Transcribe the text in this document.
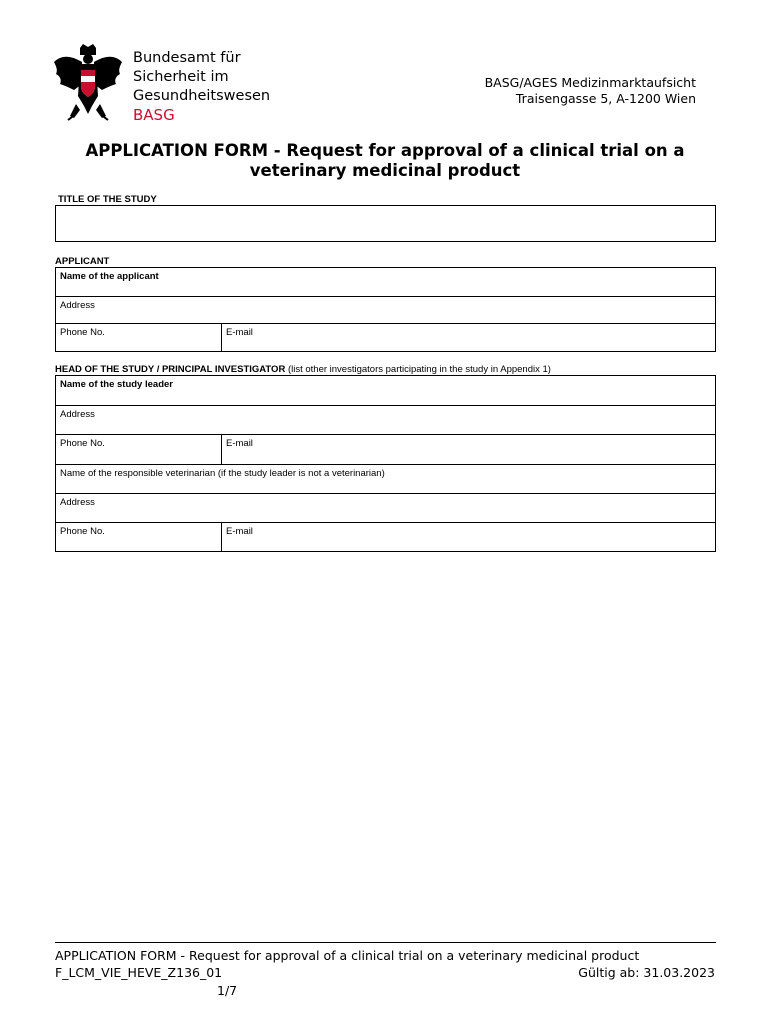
Bundesamt für
Sicherheit im
Gesundheitswesen
BASG
BASG/AGES Medizinmarktaufsicht
Traisengasse 5, A-1200 Wien
APPLICATION FORM - Request for approval of a clinical trial on a
veterinary medicinal product
TITLE OF THE STUDY
APPLICANT
Name of the applicant
Address
Phone No.	E-mail
HEAD OF THE STUDY / PRINCIPAL INVESTIGATOR (list other investigators participating in the study in Appendix 1)
Name of the study leader
Address
Phone No.	E-mail
Name of the responsible veterinarian (if the study leader is not a veterinarian)
Address
Phone No.	E-mail
APPLICATION FORM - Request for approval of a clinical trial on a veterinary medicinal product
F_LCM_VIE_HEVE_Z136_01	Gültig ab: 31.03.2023
1/7
